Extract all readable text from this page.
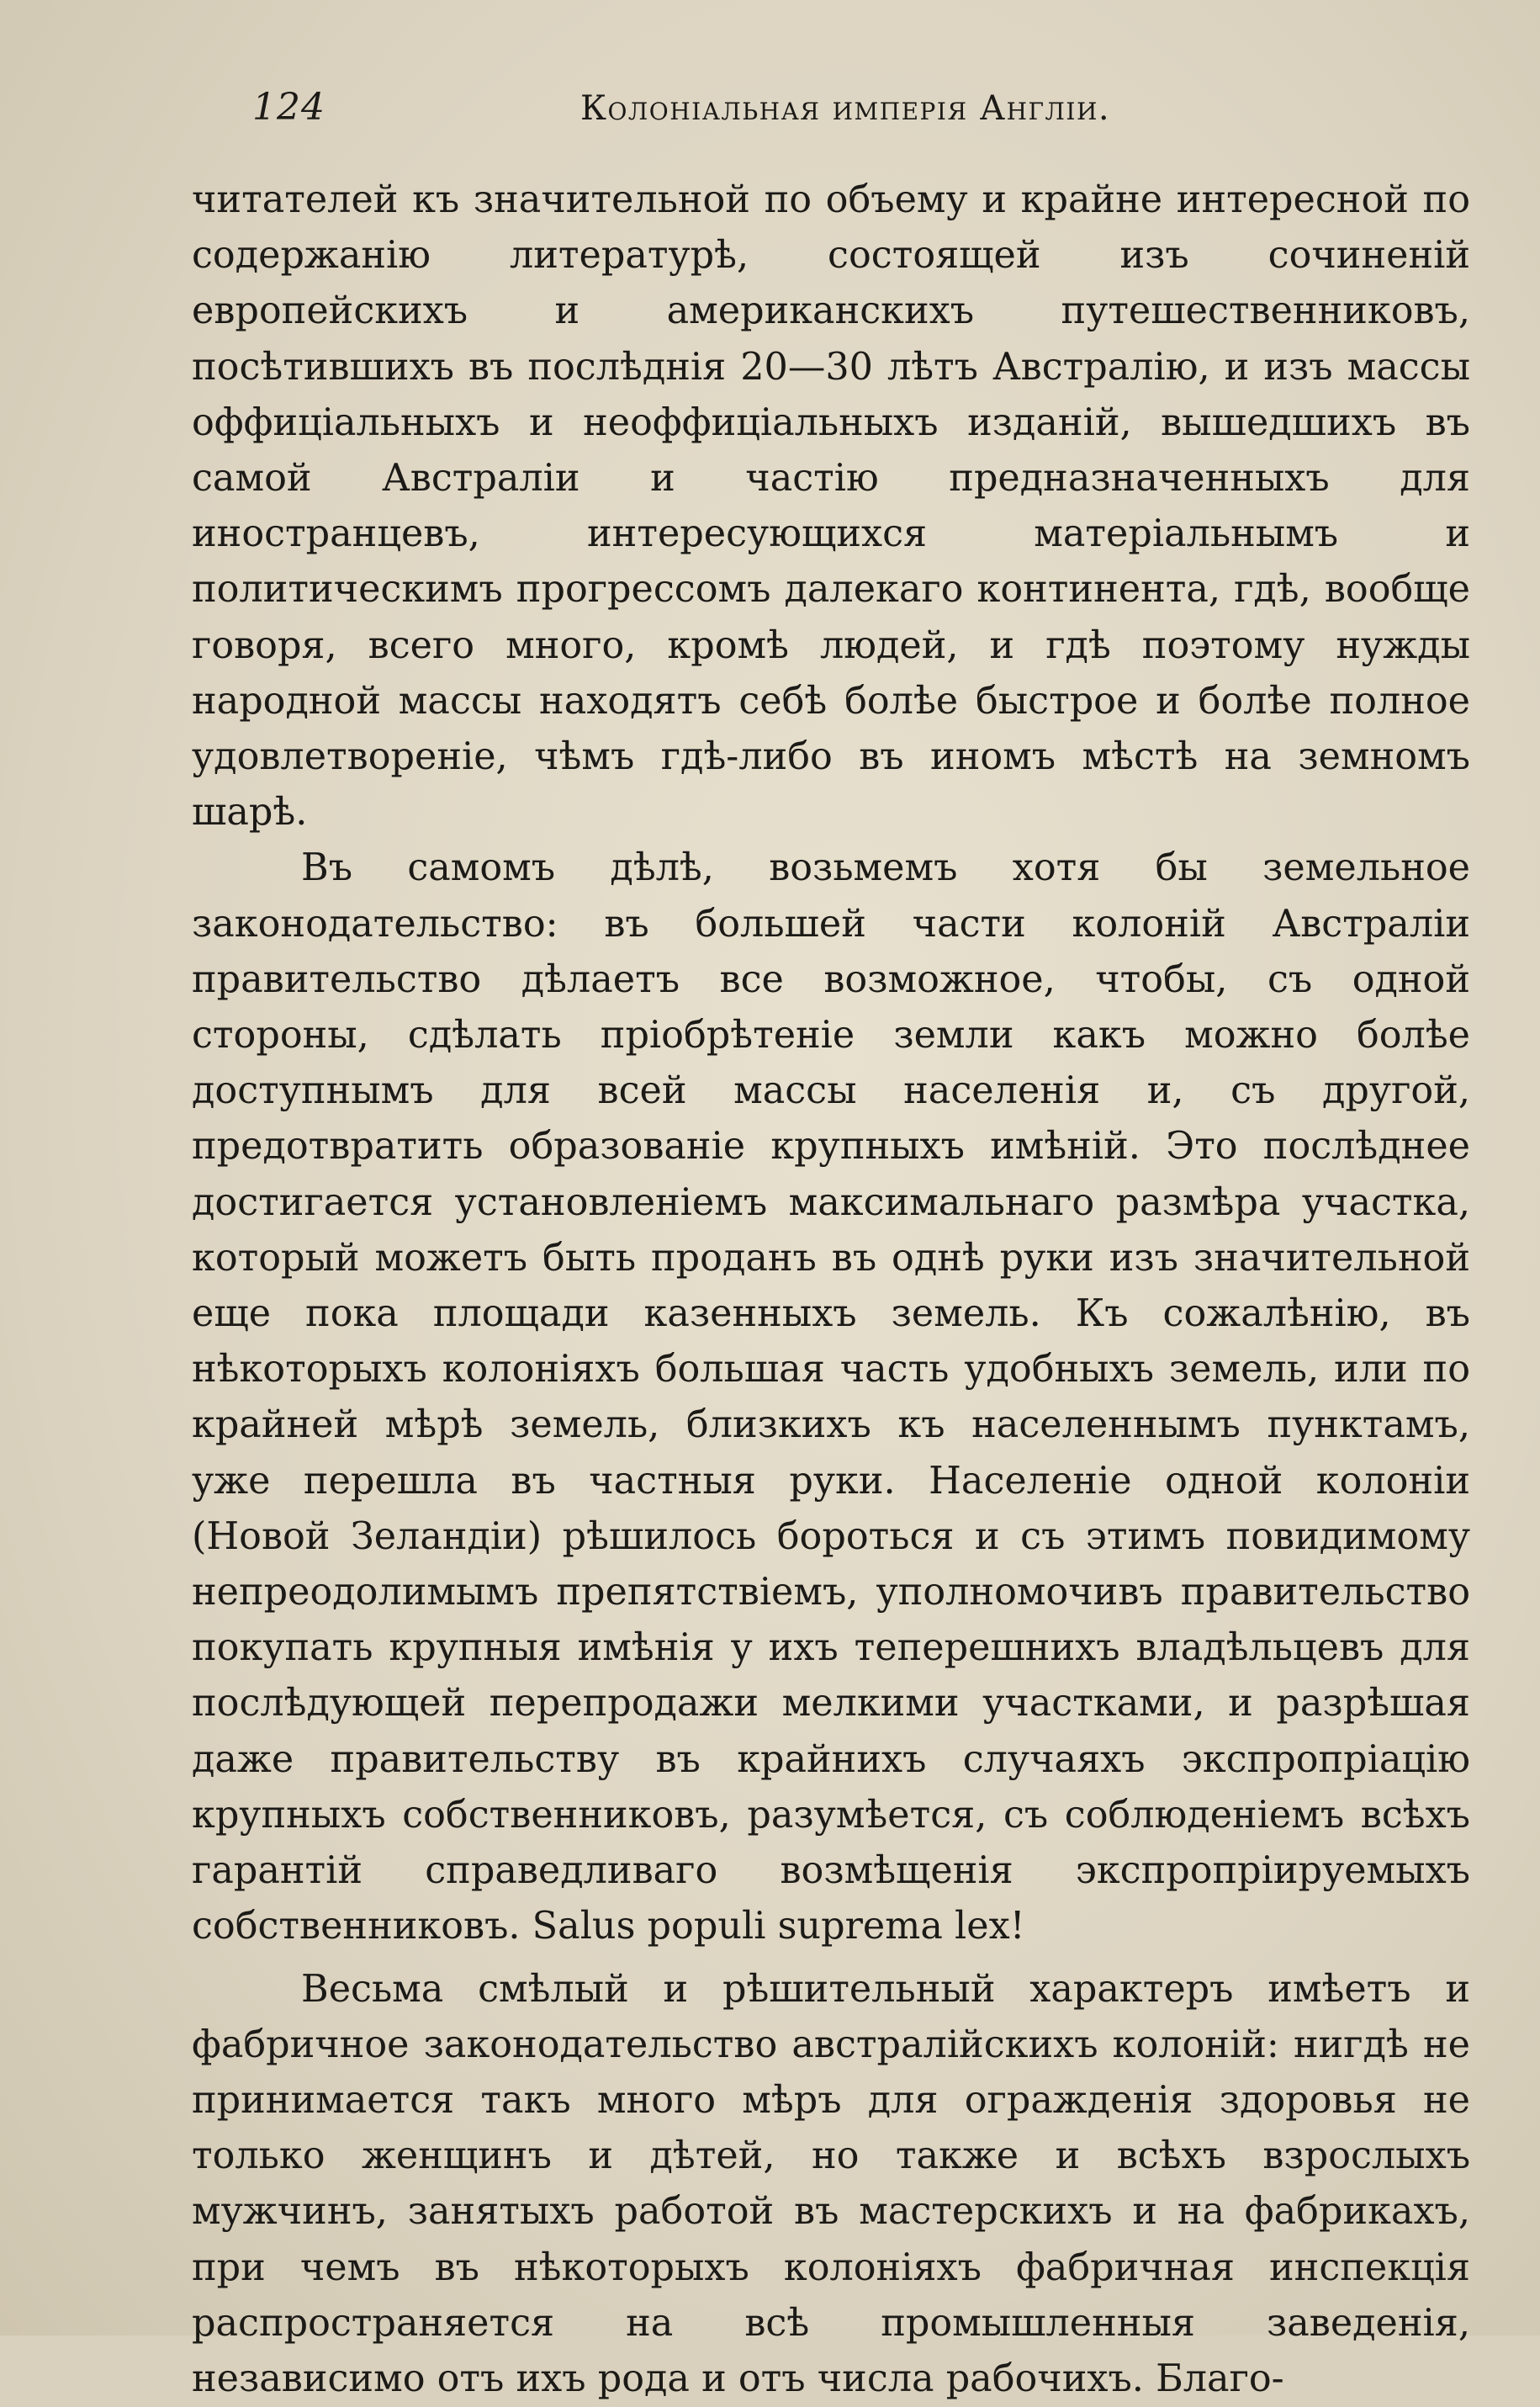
124	Колоніальная имперія Англіи.

читателей къ значительной по объему и крайне интересной по содержанію литературѣ, состоящей изъ сочиненій европейскихъ и американскихъ путешественниковъ, посѣтившихъ въ послѣднія 20—30 лѣтъ Австралію, и изъ массы оффиціальныхъ и неоффиціальныхъ изданій, вышедшихъ въ самой Австраліи и частію предназначенныхъ для иностранцевъ, интересующихся матеріальнымъ и политическимъ прогрессомъ далекаго континента, гдѣ, вообще говоря, всего много, кромѣ людей, и гдѣ поэтому нужды народной массы находятъ себѣ болѣе быстрое и болѣе полное удовлетвореніе, чѣмъ гдѣ-либо въ иномъ мѣстѣ на земномъ шарѣ.

Въ самомъ дѣлѣ, возьмемъ хотя бы земельное законодательство: въ большей части колоній Австраліи правительство дѣлаетъ все возможное, чтобы, съ одной стороны, сдѣлать пріобрѣтеніе земли какъ можно болѣе доступнымъ для всей массы населенія и, съ другой, предотвратить образованіе крупныхъ имѣній. Это послѣднее достигается установленіемъ максимальнаго размѣра участка, который можетъ быть проданъ въ однѣ руки изъ значительной еще пока площади казенныхъ земель. Къ сожалѣнію, въ нѣкоторыхъ колоніяхъ большая часть удобныхъ земель, или по крайней мѣрѣ земель, близкихъ къ населеннымъ пунктамъ, уже перешла въ частныя руки. Населеніе одной колоніи (Новой Зеландіи) рѣшилось бороться и съ этимъ повидимому непреодолимымъ препятствіемъ, уполномочивъ правительство покупать крупныя имѣнія у ихъ теперешнихъ владѣльцевъ для послѣдующей перепродажи мелкими участками, и разрѣшая даже правительству въ крайнихъ случаяхъ экспропріацію крупныхъ собственниковъ, разумѣется, съ соблюденіемъ всѣхъ гарантій справедливаго возмѣщенія экспропріируемыхъ собственниковъ. Salus populi suprema lex!

Весьма смѣлый и рѣшительный характеръ имѣетъ и фабричное законодательство австралійскихъ колоній: нигдѣ не принимается такъ много мѣръ для огражденія здоровья не только женщинъ и дѣтей, но также и всѣхъ взрослыхъ мужчинъ, занятыхъ работой въ мастерскихъ и на фабрикахъ, при чемъ въ нѣкоторыхъ колоніяхъ фабричная инспекція распространяется на всѣ промышленныя заведенія, независимо отъ ихъ рода и отъ числа рабочихъ. Благо-
